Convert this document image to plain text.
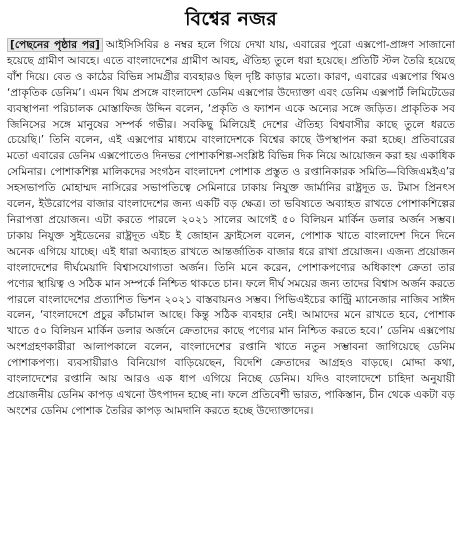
বিশ্বের নজর

[পেছনের পৃষ্ঠার পর] আইসিসিবির ৪ নম্বর হলে গিয়ে দেখা যায়, এবারের পুরো এক্সপো-প্রাঙ্গণ সাজানো হয়েছে গ্রামীণ আবহে। এতে বাংলাদেশের গ্রামীণ আবহ, ঐতিহ্য তুলে ধরা হয়েছে। প্রতিটি স্টল তৈরি হয়েছে বাঁশ দিয়ে। বেত ও কাঠের বিভিন্ন সামগ্রীর ব্যবহারও ছিল দৃষ্টি কাড়ার মতো। কারণ, এবারের এক্সপোর থিমও ‘প্রাকৃতিক ডেনিম’। এমন থিম প্রসঙ্গে বাংলাদেশ ডেনিম এক্সপোর উদ্যোক্তা এবং ডেনিম এক্সপার্ট লিমিটেডের ব্যবস্থাপনা পরিচালক মোস্তাফিজ উদ্দিন বলেন, ‘প্রকৃতি ও ফ্যাশন একে অন্যের সঙ্গে জড়িত। প্রাকৃতিক সব জিনিসের সঙ্গে মানুষের সম্পর্ক গভীর। সবকিছু মিলিয়েই দেশের ঐতিহ্য বিশ্ববাসীর কাছে তুলে ধরতে চেয়েছি।’ তিনি বলেন, এই এক্সপোর মাধ্যমে বাংলাদেশকে বিশ্বের কাছে উপস্থাপন করা হচ্ছে। প্রতিবারের মতো এবারের ডেনিম এক্সপোতেও দিনভর পোশাকশিল্প-সংশ্লিষ্ট বিভিন্ন দিক নিয়ে আয়োজন করা হয় একাধিক সেমিনার। পোশাকশিল্প মালিকদের সংগঠন বাংলাদেশ পোশাক প্রস্তুত ও রপ্তানিকারক সমিতি—বিজিএমইএ’র সহসভাপতি মোহাম্মদ নাসিরের সভাপতিত্বে সেমিনারে ঢাকায় নিযুক্ত জার্মানির রাষ্ট্রদূত ড. টমাস প্রিনৎস বলেন, ইউরোপের বাজার বাংলাদেশের জন্য একটি বড় ক্ষেত্র। তা ভবিষ্যতে অব্যাহত রাখতে পোশাকশিল্পের নিরাপত্তা প্রয়োজন। এটা করতে পারলে ২০২১ সালের আগেই ৫০ বিলিয়ন মার্কিন ডলার অর্জন সম্ভব। ঢাকায় নিযুক্ত সুইডেনের রাষ্ট্রদূত এইচ ই জোহান ফ্রাইসেল বলেন, পোশাক খাতে বাংলাদেশ দিনে দিনে অনেক এগিয়ে যাচ্ছে। এই ধারা অব্যাহত রাখতে আন্তর্জাতিক বাজার ধরে রাখা প্রয়োজন। এজন্য প্রয়োজন বাংলাদেশের দীর্ঘমেয়াদি বিশ্বাসযোগ্যতা অর্জন। তিনি মনে করেন, পোশাকপণ্যের অধিকাংশ ক্রেতা তার পণ্যের স্থায়িত্ব ও সঠিক মান সম্পর্কে নিশ্চিত থাকতে চান। ফলে দীর্ঘ সময়ের জন্য তাদের বিশ্বাস অর্জন করতে পারলে বাংলাদেশের প্রত্যাশিত ভিশন ২০২১ বাস্তবায়নও সম্ভব। পিভিএইচের কান্ট্রি ম্যানেজার নাজিব সাঈদ বলেন, ‘বাংলাদেশে প্রচুর কাঁচামাল আছে। কিন্তু সঠিক ব্যবহার নেই। আমাদের মনে রাখতে হবে, পোশাক খাতে ৫০ বিলিয়ন মার্কিন ডলার অর্জনে ক্রেতাদের কাছে পণ্যের মান নিশ্চিত করতে হবে।’ ডেনিম এক্সপোয় অংশগ্রহণকারীরা আলাপকালে বলেন, বাংলাদেশের রপ্তানি খাতে নতুন সম্ভাবনা জাগিয়েছে ডেনিম পোশাকপণ্য। ব্যবসায়ীরাও বিনিয়োগ বাড়িয়েছেন, বিদেশি ক্রেতাদের আগ্রহও বাড়ছে। মোদ্দা কথা, বাংলাদেশের রপ্তানি আয় আরও এক ধাপ এগিয়ে নিচ্ছে ডেনিম। যদিও বাংলাদেশে চাহিদা অনুযায়ী প্রয়োজনীয় ডেনিম কাপড় এখনো উৎপাদন হচ্ছে না। ফলে প্রতিবেশী ভারত, পাকিস্তান, চীন থেকে একটা বড় অংশের ডেনিম পোশাক তৈরির কাপড় আমদানি করতে হচ্ছে উদ্যোক্তাদের।
